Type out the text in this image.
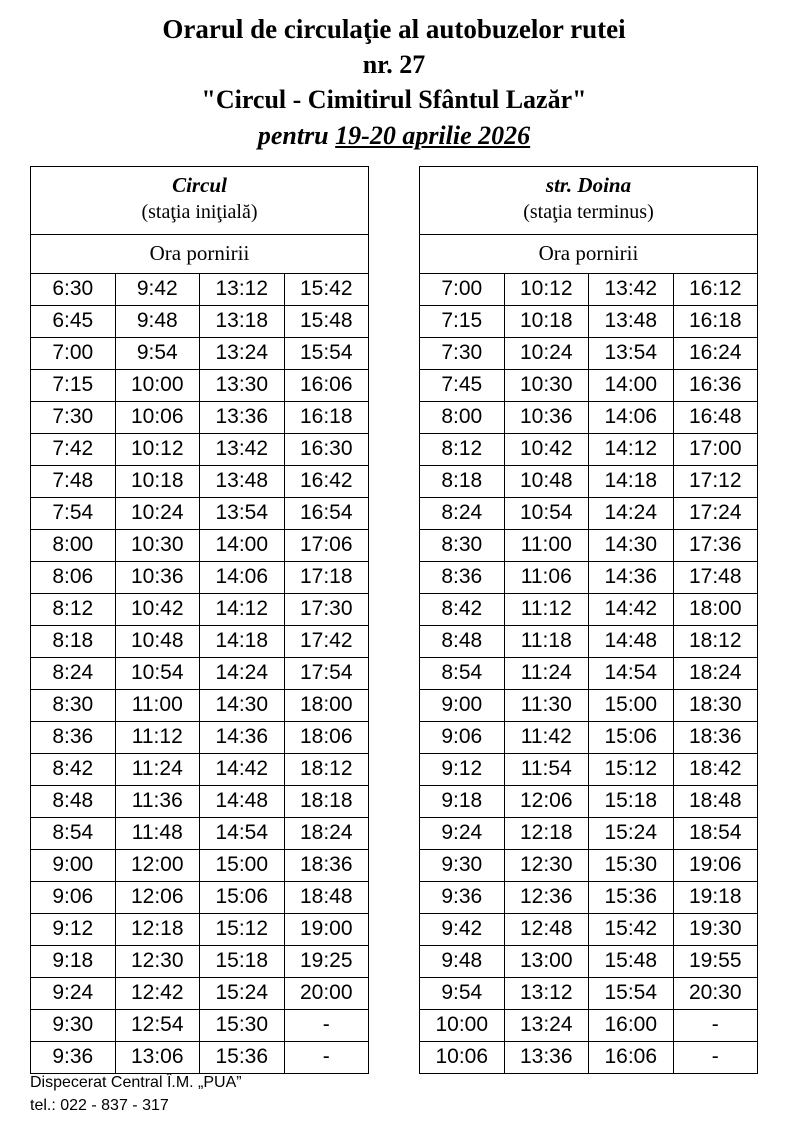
Orarul de circulaţie al autobuzelor rutei
nr. 27
"Circul - Cimitirul Sfântul Lazăr"
pentru 19-20 aprilie 2026
Circul
(staţia iniţială)			

Ora pornirii			
6:30	9:42	13:12	15:42
6:45	9:48	13:18	15:48
7:00	9:54	13:24	15:54
7:15	10:00	13:30	16:06
7:30	10:06	13:36	16:18
7:42	10:12	13:42	16:30
7:48	10:18	13:48	16:42
7:54	10:24	13:54	16:54
8:00	10:30	14:00	17:06
8:06	10:36	14:06	17:18
8:12	10:42	14:12	17:30
8:18	10:48	14:18	17:42
8:24	10:54	14:24	17:54
8:30	11:00	14:30	18:00
8:36	11:12	14:36	18:06
8:42	11:24	14:42	18:12
8:48	11:36	14:48	18:18
8:54	11:48	14:54	18:24
9:00	12:00	15:00	18:36
9:06	12:06	15:06	18:48
9:12	12:18	15:12	19:00
9:18	12:30	15:18	19:25
9:24	12:42	15:24	20:00
9:30	12:54	15:30	-
9:36	13:06	15:36	-
str. Doina
(staţia terminus)			

Ora pornirii			
7:00	10:12	13:42	16:12
7:15	10:18	13:48	16:18
7:30	10:24	13:54	16:24
7:45	10:30	14:00	16:36
8:00	10:36	14:06	16:48
8:12	10:42	14:12	17:00
8:18	10:48	14:18	17:12
8:24	10:54	14:24	17:24
8:30	11:00	14:30	17:36
8:36	11:06	14:36	17:48
8:42	11:12	14:42	18:00
8:48	11:18	14:48	18:12
8:54	11:24	14:54	18:24
9:00	11:30	15:00	18:30
9:06	11:42	15:06	18:36
9:12	11:54	15:12	18:42
9:18	12:06	15:18	18:48
9:24	12:18	15:24	18:54
9:30	12:30	15:30	19:06
9:36	12:36	15:36	19:18
9:42	12:48	15:42	19:30
9:48	13:00	15:48	19:55
9:54	13:12	15:54	20:30
10:00	13:24	16:00	-
10:06	13:36	16:06	-
Dispecerat Central Î.M. „PUA”
tel.: 022 - 837 - 317
